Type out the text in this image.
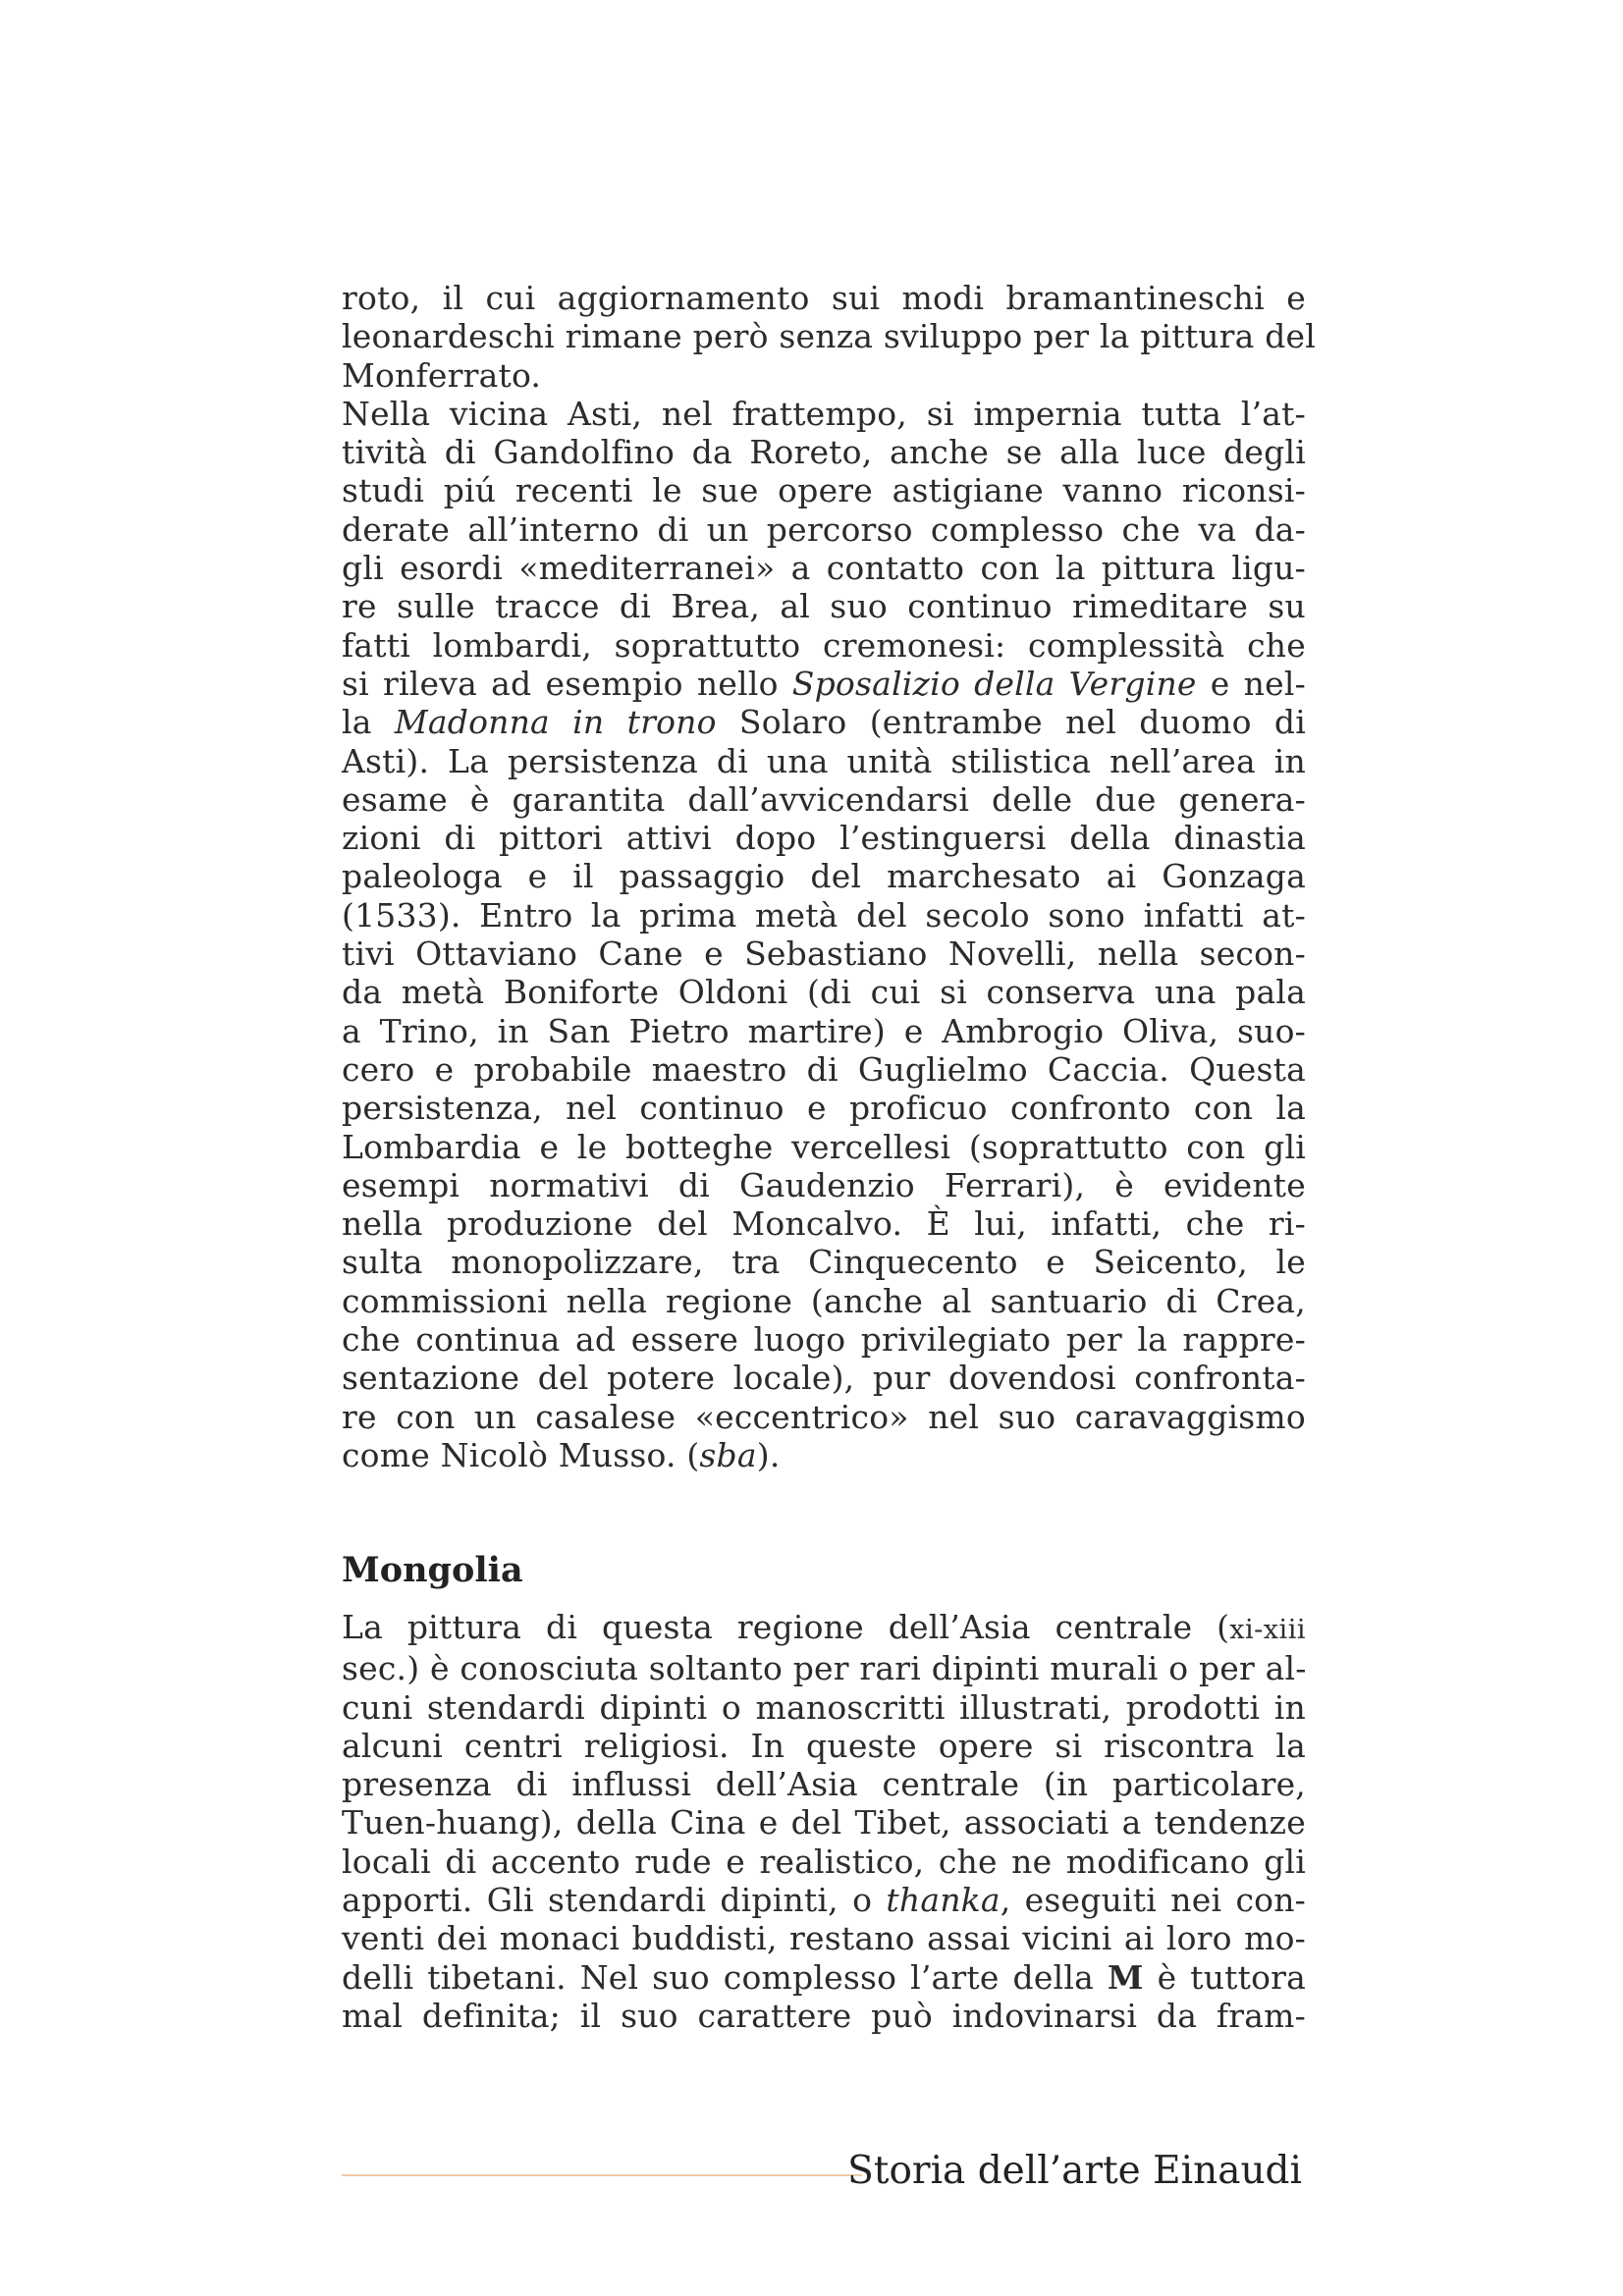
roto, il cui aggiornamento sui modi bramantineschi e
leonardeschi rimane però senza sviluppo per la pittura del
Monferrato.
Nella vicina Asti, nel frattempo, si impernia tutta l’at-
tività di Gandolfino da Roreto, anche se alla luce degli
studi piú recenti le sue opere astigiane vanno riconsi-
derate all’interno di un percorso complesso che va da-
gli esordi «mediterranei» a contatto con la pittura ligu-
re sulle tracce di Brea, al suo continuo rimeditare su
fatti lombardi, soprattutto cremonesi: complessità che
si rileva ad esempio nello Sposalizio della Vergine e nel-
la Madonna in trono Solaro (entrambe nel duomo di
Asti). La persistenza di una unità stilistica nell’area in
esame è garantita dall’avvicendarsi delle due genera-
zioni di pittori attivi dopo l’estinguersi della dinastia
paleologa e il passaggio del marchesato ai Gonzaga
(1533). Entro la prima metà del secolo sono infatti at-
tivi Ottaviano Cane e Sebastiano Novelli, nella secon-
da metà Boniforte Oldoni (di cui si conserva una pala
a Trino, in San Pietro martire) e Ambrogio Oliva, suo-
cero e probabile maestro di Guglielmo Caccia. Questa
persistenza, nel continuo e proficuo confronto con la
Lombardia e le botteghe vercellesi (soprattutto con gli
esempi normativi di Gaudenzio Ferrari), è evidente
nella produzione del Moncalvo. È lui, infatti, che ri-
sulta monopolizzare, tra Cinquecento e Seicento, le
commissioni nella regione (anche al santuario di Crea,
che continua ad essere luogo privilegiato per la rappre-
sentazione del potere locale), pur dovendosi confronta-
re con un casalese «eccentrico» nel suo caravaggismo
come Nicolò Musso. (sba).
Mongolia
La pittura di questa regione dell’Asia centrale (xi-xiii
sec.) è conosciuta soltanto per rari dipinti murali o per al-
cuni stendardi dipinti o manoscritti illustrati, prodotti in
alcuni centri religiosi. In queste opere si riscontra la
presenza di influssi dell’Asia centrale (in particolare,
Tuen-huang), della Cina e del Tibet, associati a tendenze
locali di accento rude e realistico, che ne modificano gli
apporti. Gli stendardi dipinti, o thanka, eseguiti nei con-
venti dei monaci buddisti, restano assai vicini ai loro mo-
delli tibetani. Nel suo complesso l’arte della M è tuttora
mal definita; il suo carattere può indovinarsi da fram-
Storia dell’arte Einaudi
